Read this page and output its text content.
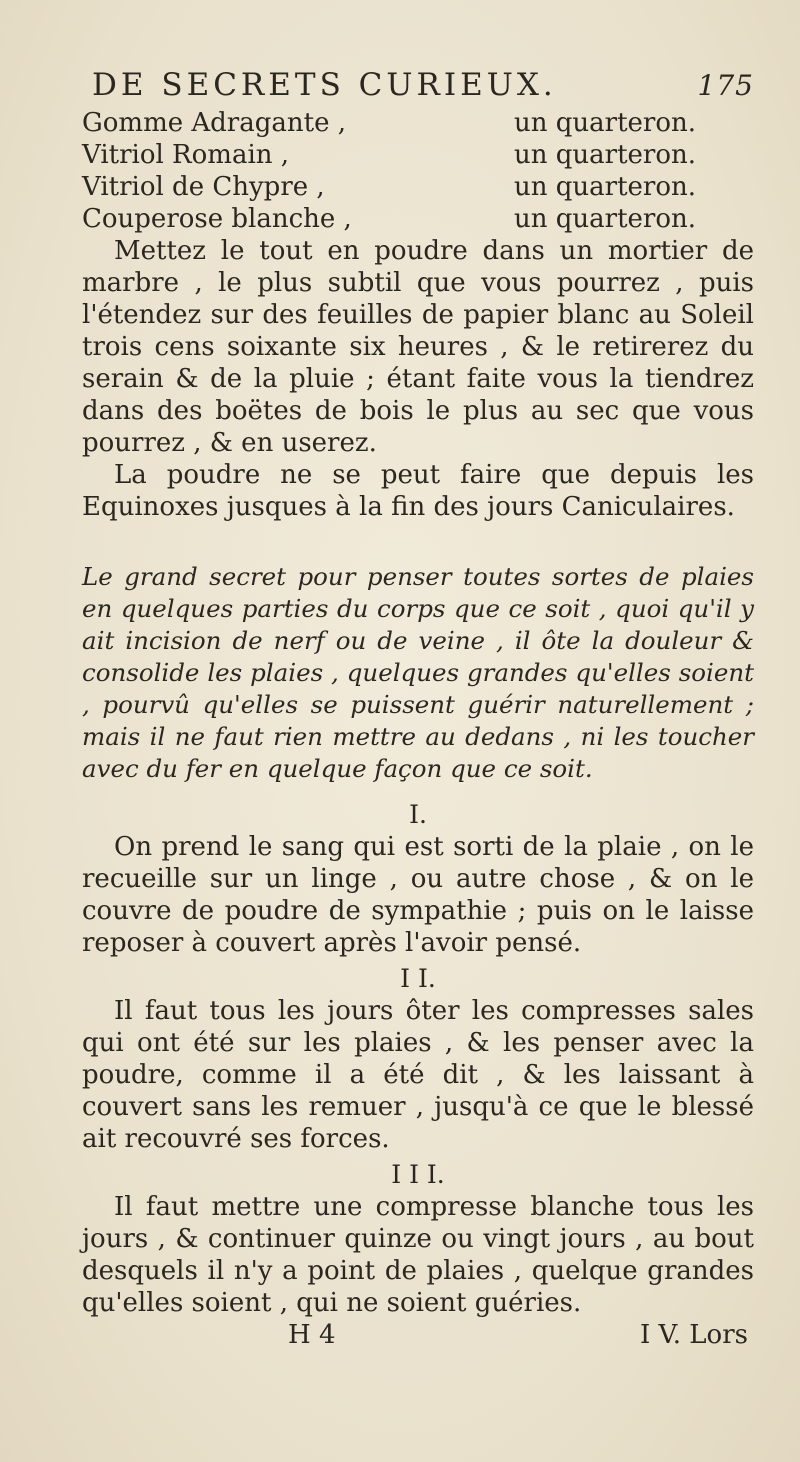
DE SECRETS CURIEUX.	175
Gomme Adragante ,	un quarteron.
Vitriol Romain ,	un quarteron.
Vitriol de Chypre ,	un quarteron.
Couperose blanche ,	un quarteron.

Mettez le tout en poudre dans un mortier de marbre , le plus subtil que vous pourrez , puis l'étendez sur des feuilles de papier blanc au Soleil trois cens soixante six heures , & le retirerez du serain & de la pluie ; étant faite vous la tiendrez dans des boëtes de bois le plus au sec que vous pourrez , & en userez.

La poudre ne se peut faire que depuis les Equinoxes jusques à la fin des jours Caniculaires.

Le grand secret pour penser toutes sortes de plaies en quelques parties du corps que ce soit , quoi qu'il y ait incision de nerf ou de veine , il ôte la douleur & consolide les plaies , quelques grandes qu'elles soient , pourvû qu'elles se puissent guérir naturellement ; mais il ne faut rien mettre au dedans , ni les toucher avec du fer en quelque façon que ce soit.
I.

On prend le sang qui est sorti de la plaie , on le recueille sur un linge , ou autre chose , & on le couvre de poudre de sympathie ; puis on le laisse reposer à couvert après l'avoir pensé.

I I.

Il faut tous les jours ôter les compresses sales qui ont été sur les plaies , & les penser avec la poudre, comme il a été dit , & les laissant à couvert sans les remuer , jusqu'à ce que le blessé ait recouvré ses forces.

I I I.

Il faut mettre une compresse blanche tous les jours , & continuer quinze ou vingt jours , au bout desquels il n'y a point de plaies , quelque grandes qu'elles soient , qui ne soient guéries.

H 4	I V. Lors
